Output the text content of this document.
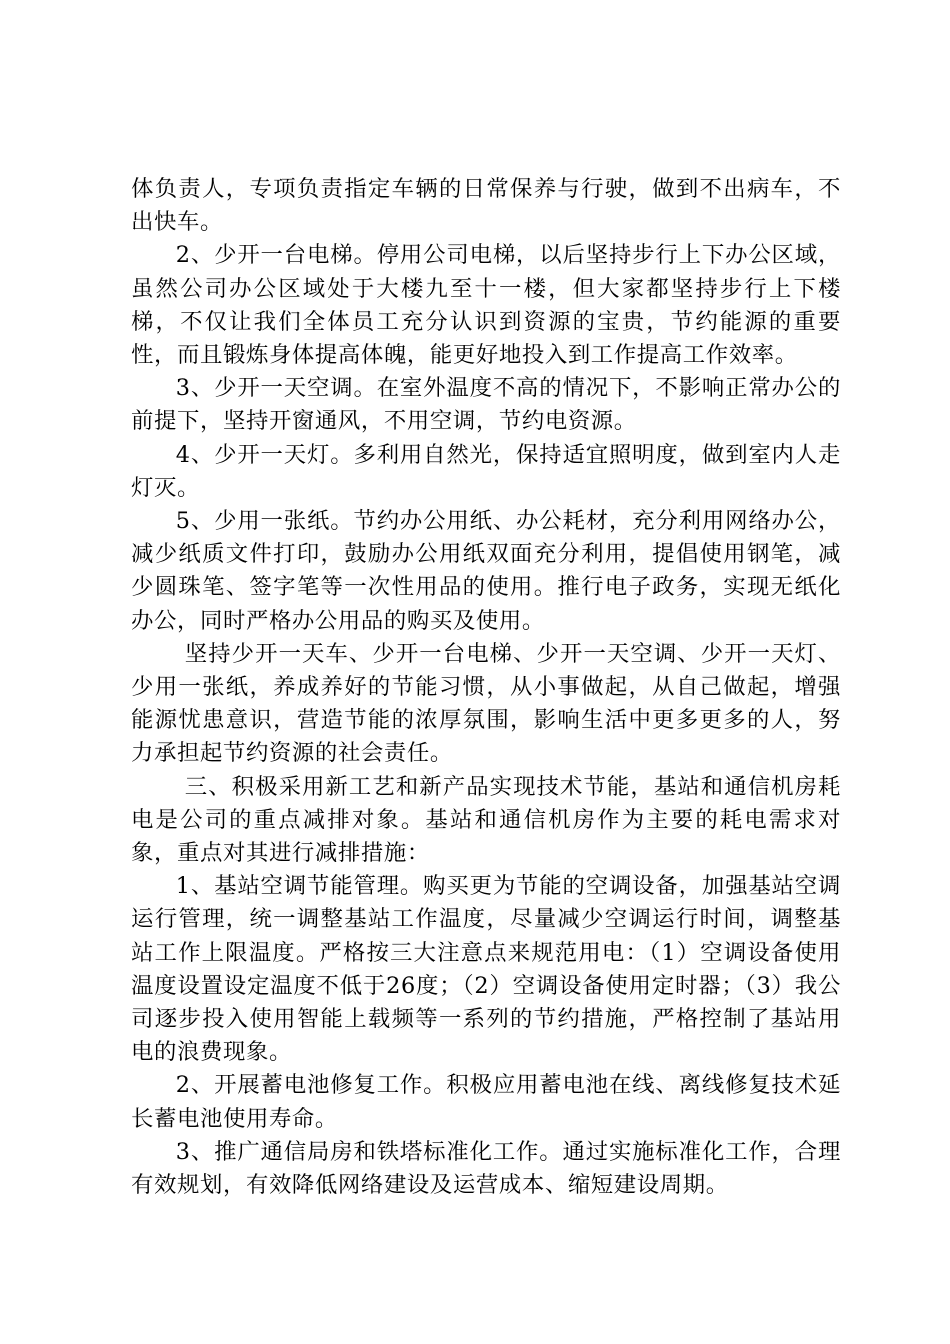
体负责人，专项负责指定车辆的日常保养与行驶，做到不出病车，不出快车。

2、少开一台电梯。停用公司电梯，以后坚持步行上下办公区域，虽然公司办公区域处于大楼九至十一楼，但大家都坚持步行上下楼梯，不仅让我们全体员工充分认识到资源的宝贵，节约能源的重要性，而且锻炼身体提高体魄，能更好地投入到工作提高工作效率。

3、少开一天空调。在室外温度不高的情况下，不影响正常办公的前提下，坚持开窗通风，不用空调，节约电资源。

4、少开一天灯。多利用自然光，保持适宜照明度，做到室内人走灯灭。

5、少用一张纸。节约办公用纸、办公耗材，充分利用网络办公，减少纸质文件打印，鼓励办公用纸双面充分利用，提倡使用钢笔，减少圆珠笔、签字笔等一次性用品的使用。推行电子政务，实现无纸化办公，同时严格办公用品的购买及使用。

坚持少开一天车、少开一台电梯、少开一天空调、少开一天灯、少用一张纸，养成养好的节能习惯，从小事做起，从自己做起，增强能源忧患意识，营造节能的浓厚氛围，影响生活中更多更多的人，努力承担起节约资源的社会责任。

三、积极采用新工艺和新产品实现技术节能，基站和通信机房耗电是公司的重点减排对象。基站和通信机房作为主要的耗电需求对象，重点对其进行减排措施：

1、基站空调节能管理。购买更为节能的空调设备，加强基站空调运行管理，统一调整基站工作温度，尽量减少空调运行时间，调整基站工作上限温度。严格按三大注意点来规范用电：（1）空调设备使用温度设置设定温度不低于26度；（2）空调设备使用定时器；（3）我公司逐步投入使用智能上载频等一系列的节约措施，严格控制了基站用电的浪费现象。

2、开展蓄电池修复工作。积极应用蓄电池在线、离线修复技术延长蓄电池使用寿命。

3、推广通信局房和铁塔标准化工作。通过实施标准化工作，合理有效规划，有效降低网络建设及运营成本、缩短建设周期。
